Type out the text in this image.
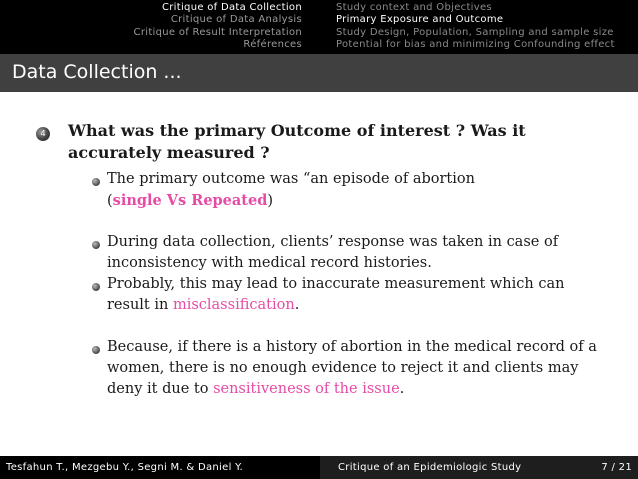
Critique of Data Collection
Critique of Data Analysis
Critique of Result Interpretation
Références
Study context and Objectives
Primary Exposure and Outcome
Study Design, Population, Sampling and sample size
Potential for bias and minimizing Confounding effect
Data Collection ...
4 What was the primary Outcome of interest ? Was it accurately measured ?
The primary outcome was “an episode of abortion
(single Vs Repeated)
During data collection, clients’ response was taken in case of inconsistency with medical record histories.
Probably, this may lead to inaccurate measurement which can result in misclassification.
Because, if there is a history of abortion in the medical record of a women, there is no enough evidence to reject it and clients may deny it due to sensitiveness of the issue.
Tesfahun T., Mezgebu Y., Segni M. & Daniel Y.	Critique of an Epidemiologic Study	7 / 21
